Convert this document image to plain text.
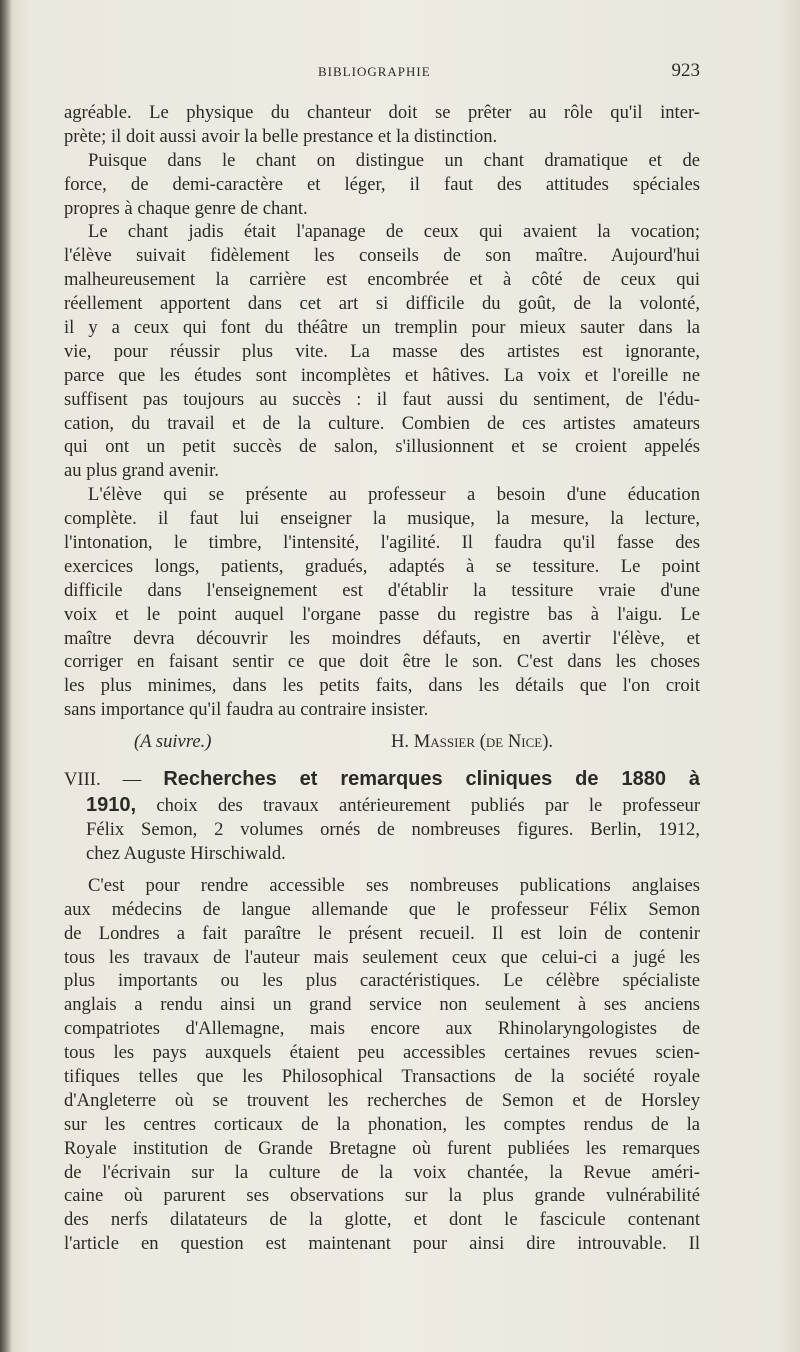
BIBLIOGRAPHIE	923
agréable. Le physique du chanteur doit se prêter au rôle qu'il inter-
prète; il doit aussi avoir la belle prestance et la distinction.
Puisque dans le chant on distingue un chant dramatique et de
force, de demi-caractère et léger, il faut des attitudes spéciales
propres à chaque genre de chant.
Le chant jadis était l'apanage de ceux qui avaient la vocation;
l'élève suivait fidèlement les conseils de son maître. Aujourd'hui
malheureusement la carrière est encombrée et à côté de ceux qui
réellement apportent dans cet art si difficile du goût, de la volonté,
il y a ceux qui font du théâtre un tremplin pour mieux sauter dans la
vie, pour réussir plus vite. La masse des artistes est ignorante,
parce que les études sont incomplètes et hâtives. La voix et l'oreille ne
suffisent pas toujours au succès : il faut aussi du sentiment, de l'édu-
cation, du travail et de la culture. Combien de ces artistes amateurs
qui ont un petit succès de salon, s'illusionnent et se croient appelés
au plus grand avenir.
L'élève qui se présente au professeur a besoin d'une éducation
complète. il faut lui enseigner la musique, la mesure, la lecture,
l'intonation, le timbre, l'intensité, l'agilité. Il faudra qu'il fasse des
exercices longs, patients, gradués, adaptés à se tessiture. Le point
difficile dans l'enseignement est d'établir la tessiture vraie d'une
voix et le point auquel l'organe passe du registre bas à l'aigu. Le
maître devra découvrir les moindres défauts, en avertir l'élève, et
corriger en faisant sentir ce que doit être le son. C'est dans les choses
les plus minimes, dans les petits faits, dans les détails que l'on croit
sans importance qu'il faudra au contraire insister.
(A suivre.)	H. Massier (de Nice).
VIII. — Recherches et remarques cliniques de 1880 à
1910, choix des travaux antérieurement publiés par le professeur
Félix Semon, 2 volumes ornés de nombreuses figures. Berlin, 1912,
chez Auguste Hirschiwald.
C'est pour rendre accessible ses nombreuses publications anglaises
aux médecins de langue allemande que le professeur Félix Semon
de Londres a fait paraître le présent recueil. Il est loin de contenir
tous les travaux de l'auteur mais seulement ceux que celui-ci a jugé les
plus importants ou les plus caractéristiques. Le célèbre spécialiste
anglais a rendu ainsi un grand service non seulement à ses anciens
compatriotes d'Allemagne, mais encore aux Rhinolaryngologistes de
tous les pays auxquels étaient peu accessibles certaines revues scien-
tifiques telles que les Philosophical Transactions de la société royale
d'Angleterre où se trouvent les recherches de Semon et de Horsley
sur les centres corticaux de la phonation, les comptes rendus de la
Royale institution de Grande Bretagne où furent publiées les remarques
de l'écrivain sur la culture de la voix chantée, la Revue améri-
caine où parurent ses observations sur la plus grande vulnérabilité
des nerfs dilatateurs de la glotte, et dont le fascicule contenant
l'article en question est maintenant pour ainsi dire introuvable. Il
